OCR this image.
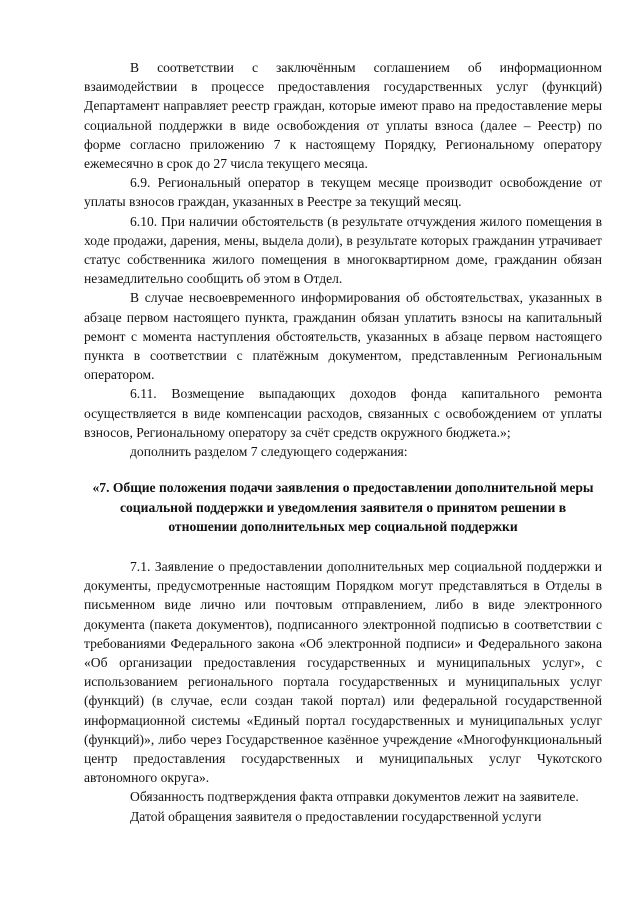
В соответствии с заключённым соглашением об информационном взаимодействии в процессе предоставления государственных услуг (функций) Департамент направляет реестр граждан, которые имеют право на предоставление меры социальной поддержки в виде освобождения от уплаты взноса (далее – Реестр) по форме согласно приложению 7 к настоящему Порядку, Региональному оператору ежемесячно в срок до 27 числа текущего месяца.

6.9. Региональный оператор в текущем месяце производит освобождение от уплаты взносов граждан, указанных в Реестре за текущий месяц.

6.10. При наличии обстоятельств (в результате отчуждения жилого помещения в ходе продажи, дарения, мены, выдела доли), в результате которых гражданин утрачивает статус собственника жилого помещения в многоквартирном доме, гражданин обязан незамедлительно сообщить об этом в Отдел.

В случае несвоевременного информирования об обстоятельствах, указанных в абзаце первом настоящего пункта, гражданин обязан уплатить взносы на капитальный ремонт с момента наступления обстоятельств, указанных в абзаце первом настоящего пункта в соответствии с платёжным документом, представленным Региональным оператором.

6.11. Возмещение выпадающих доходов фонда капитального ремонта осуществляется в виде компенсации расходов, связанных с освобождением от уплаты взносов, Региональному оператору за счёт средств окружного бюджета.»;

дополнить разделом 7 следующего содержания:

«7. Общие положения подачи заявления о предоставлении дополнительной меры социальной поддержки и уведомления заявителя о принятом решении в отношении дополнительных мер социальной поддержки

7.1. Заявление о предоставлении дополнительных мер социальной поддержки и документы, предусмотренные настоящим Порядком могут представляться в Отделы в письменном виде лично или почтовым отправлением, либо в виде электронного документа (пакета документов), подписанного электронной подписью в соответствии с требованиями Федерального закона «Об электронной подписи» и Федерального закона «Об организации предоставления государственных и муниципальных услуг», с использованием регионального портала государственных и муниципальных услуг (функций) (в случае, если создан такой портал) или федеральной государственной информационной системы «Единый портал государственных и муниципальных услуг (функций)», либо через Государственное казённое учреждение «Многофункциональный центр предоставления государственных и муниципальных услуг Чукотского автономного округа».

Обязанность подтверждения факта отправки документов лежит на заявителе.

Датой обращения заявителя о предоставлении государственной услуги
